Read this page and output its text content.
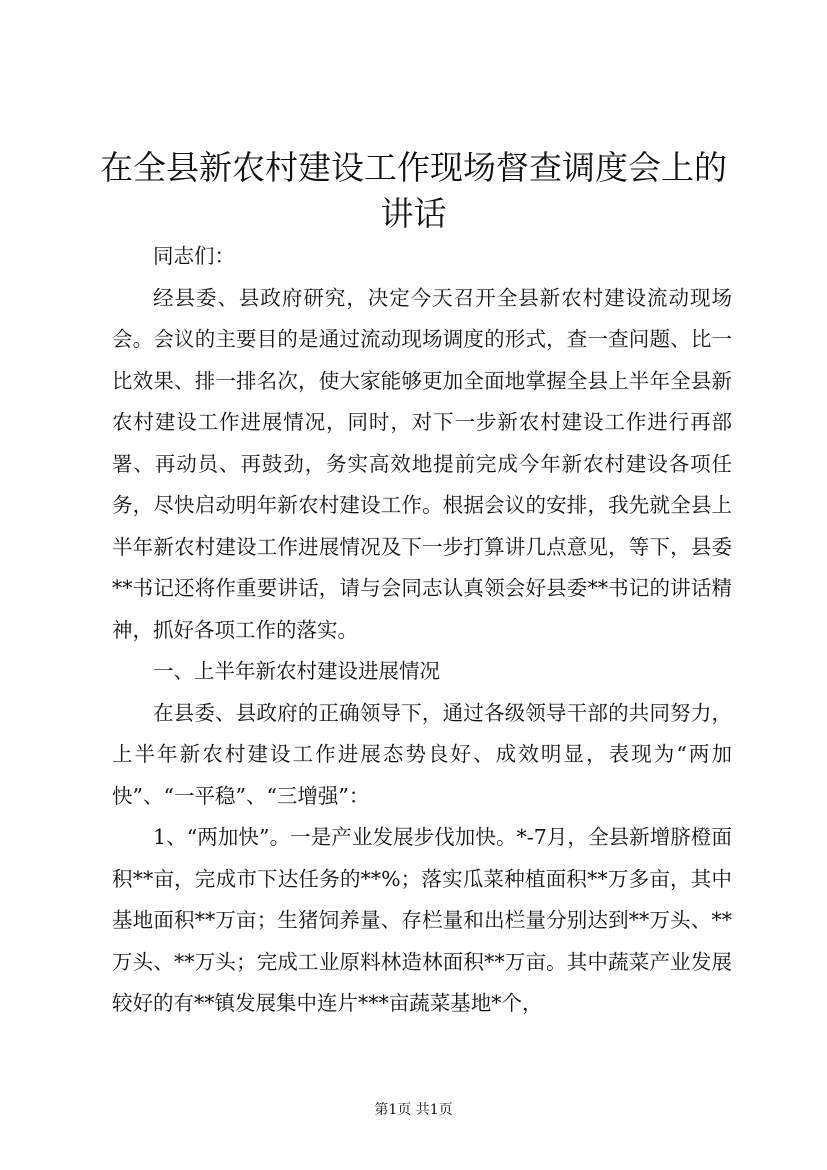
在全县新农村建设工作现场督查调度会上的讲话

同志们：

经县委、县政府研究，决定今天召开全县新农村建设流动现场会。会议的主要目的是通过流动现场调度的形式，查一查问题、比一比效果、排一排名次，使大家能够更加全面地掌握全县上半年全县新农村建设工作进展情况，同时，对下一步新农村建设工作进行再部署、再动员、再鼓劲，务实高效地提前完成今年新农村建设各项任务，尽快启动明年新农村建设工作。根据会议的安排，我先就全县上半年新农村建设工作进展情况及下一步打算讲几点意见，等下，县委**书记还将作重要讲话，请与会同志认真领会好县委**书记的讲话精神，抓好各项工作的落实。

一、上半年新农村建设进展情况

在县委、县政府的正确领导下，通过各级领导干部的共同努力，上半年新农村建设工作进展态势良好、成效明显，表现为“两加快”、“一平稳”、“三增强”：

1、“两加快”。一是产业发展步伐加快。*-7月，全县新增脐橙面积**亩，完成市下达任务的**%；落实瓜菜种植面积**万多亩，其中基地面积**万亩；生猪饲养量、存栏量和出栏量分别达到**万头、**万头、**万头；完成工业原料林造林面积**万亩。其中蔬菜产业发展较好的有**镇发展集中连片***亩蔬菜基地*个，

第1页 共1页
